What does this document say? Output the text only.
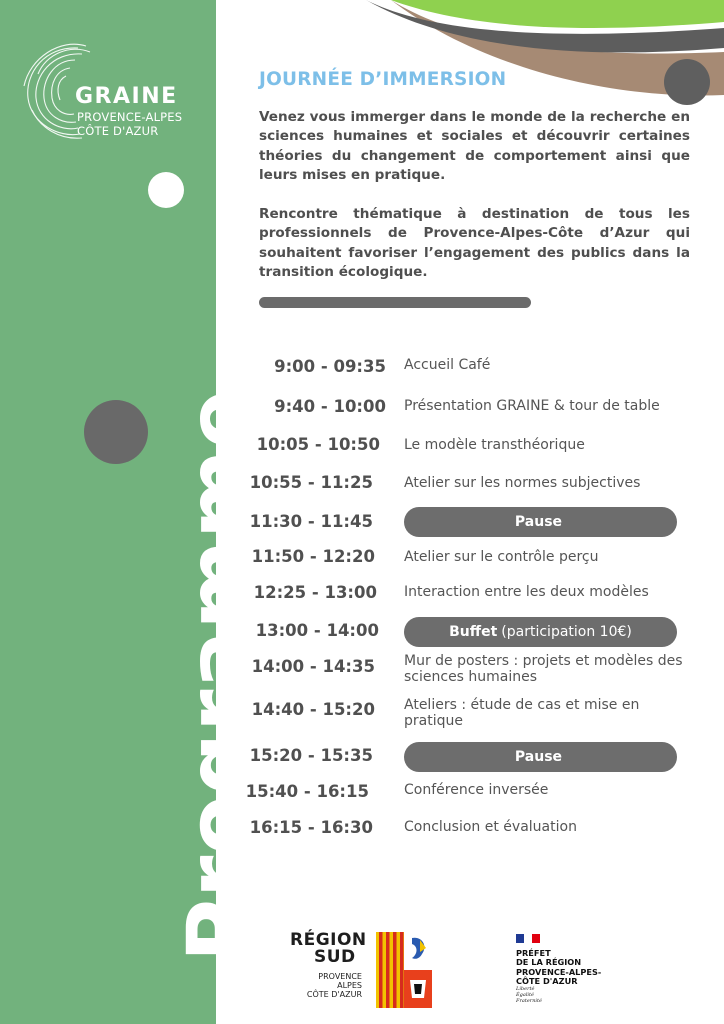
GRAINE
PROVENCE-ALPES
CÔTE D'AZUR
Programme.
JOURNÉE D’IMMERSION

Venez vous immerger dans le monde de la recherche en sciences humaines et sociales et découvrir certaines théories du changement de comportement ainsi que leurs mises en pratique.

Rencontre thématique à destination de tous les professionnels de Provence-Alpes-Côte d’Azur qui souhaitent favoriser l’engagement des publics dans la transition écologique.

9:00 - 09:35 Accueil Café
9:40 - 10:00 Présentation GRAINE & tour de table
10:05 - 10:50 Le modèle transthéorique
10:55 - 11:25 Atelier sur les normes subjectives
11:30 - 11:45	Pause
11:50 - 12:20 Atelier sur le contrôle perçu
12:25 - 13:00 Interaction entre les deux modèles
13:00 - 14:00	Buffet (participation 10€)
14:00 - 14:35 Mur de posters : projets et modèles des sciences humaines
14:40 - 15:20 Ateliers : étude de cas et mise en pratique
15:20 - 15:35	Pause
15:40 - 16:15	Conférence inversée
16:15 - 16:30 Conclusion et évaluation
RÉGION
SUD
PROVENCE
ALPES
CÔTE D'AZUR
PRÉFET
DE LA RÉGION
PROVENCE-ALPES-
CÔTE D'AZUR
Liberté
Égalité
Fraternité
